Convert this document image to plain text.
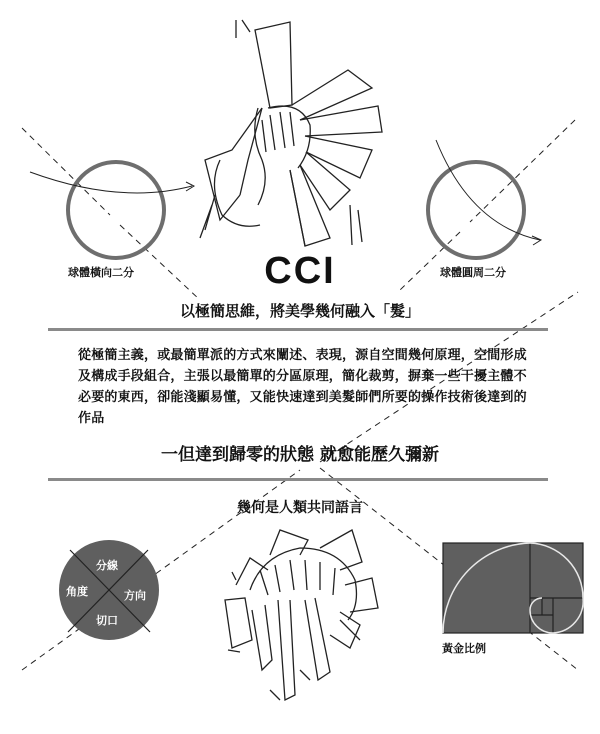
球體橫向二分	球體圓周二分
CCI
以極簡思維，將美學幾何融入「髮」
從極簡主義，或最簡單派的方式來闡述、表現，源自空間幾何原理，空間形成
及構成手段組合，主張以最簡單的分區原理，簡化裁剪，摒棄一些干擾主體不
必要的東西，卻能淺顯易懂，又能快速達到美髮師們所要的操作技術後達到的
作品
一但達到歸零的狀態 就愈能歷久彌新
幾何是人類共同語言
分線
角度	方向
切口
黃金比例
